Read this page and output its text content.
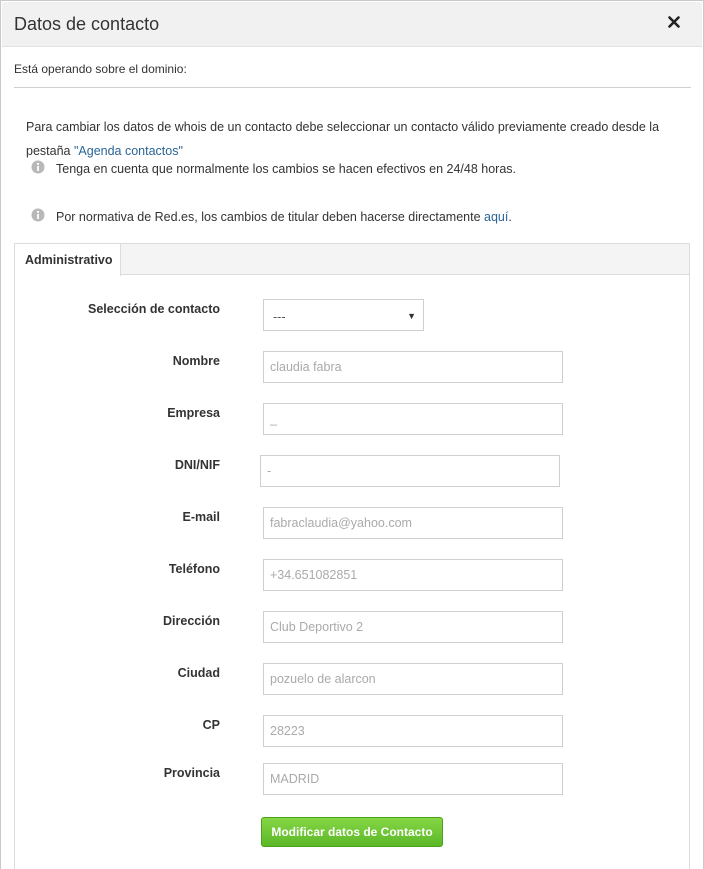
Datos de contacto
Está operando sobre el dominio:
Para cambiar los datos de whois de un contacto debe seleccionar un contacto válido previamente creado desde la pestaña "Agenda contactos"
Tenga en cuenta que normalmente los cambios se hacen efectivos en 24/48 horas.
Por normativa de Red.es, los cambios de titular deben hacerse directamente aquí.
Administrativo
Selección de contacto
---	▼
Nombre
claudia fabra
Empresa
_
DNI/NIF
-
E-mail
fabraclaudia@yahoo.com
Teléfono
+34.651082851
Dirección
Club Deportivo 2
Ciudad
pozuelo de alarcon
CP
28223
Provincia
MADRID
Modificar datos de Contacto
